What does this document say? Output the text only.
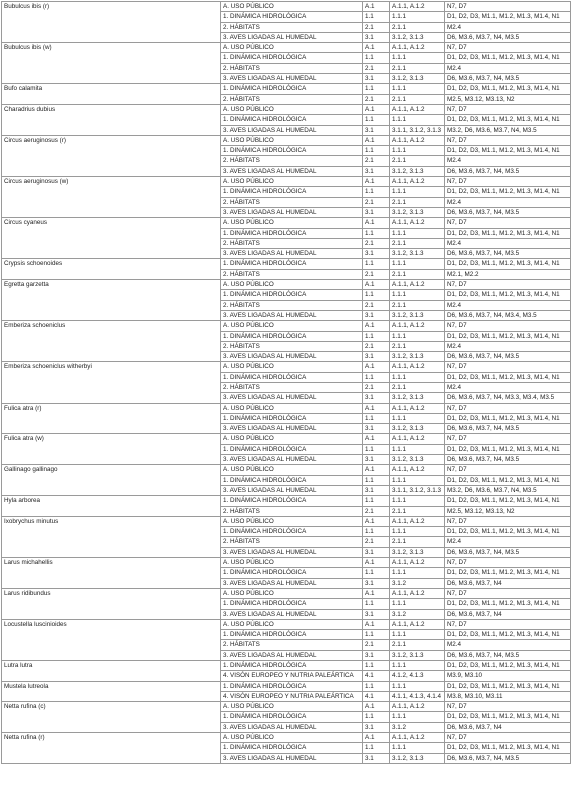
Bubulcus ibis (r)	A. USO PÚBLICO	A.1	A.1.1, A.1.2	N7, D7
	1. DINÁMICA HIDROLÓGICA	1.1	1.1.1	D1, D2, D3, M1.1, M1.2, M1.3, M1.4, N1
	2. HÁBITATS	2.1	2.1.1	M2.4
	3. AVES LIGADAS AL HUMEDAL	3.1	3.1.2, 3.1.3	D6, M3.6, M3.7, N4, M3.5
Bubulcus ibis (w)	A. USO PÚBLICO	A.1	A.1.1, A.1.2	N7, D7
	1. DINÁMICA HIDROLÓGICA	1.1	1.1.1	D1, D2, D3, M1.1, M1.2, M1.3, M1.4, N1
	2. HÁBITATS	2.1	2.1.1	M2.4
	3. AVES LIGADAS AL HUMEDAL	3.1	3.1.2, 3.1.3	D6, M3.6, M3.7, N4, M3.5
Bufo calamita	1. DINÁMICA HIDROLÓGICA	1.1	1.1.1	D1, D2, D3, M1.1, M1.2, M1.3, M1.4, N1
	2. HÁBITATS	2.1	2.1.1	M2.5, M3.12, M3.13, N2
Charadrius dubius	A. USO PÚBLICO	A.1	A.1.1, A.1.2	N7, D7
	1. DINÁMICA HIDROLÓGICA	1.1	1.1.1	D1, D2, D3, M1.1, M1.2, M1.3, M1.4, N1
	3. AVES LIGADAS AL HUMEDAL	3.1	3.1.1, 3.1.2, 3.1.3	M3.2, D6, M3.6, M3.7, N4, M3.5
Circus aeruginosus (r)	A. USO PÚBLICO	A.1	A.1.1, A.1.2	N7, D7
	1. DINÁMICA HIDROLÓGICA	1.1	1.1.1	D1, D2, D3, M1.1, M1.2, M1.3, M1.4, N1
	2. HÁBITATS	2.1	2.1.1	M2.4
	3. AVES LIGADAS AL HUMEDAL	3.1	3.1.2, 3.1.3	D6, M3.6, M3.7, N4, M3.5
Circus aeruginosus (w)	A. USO PÚBLICO	A.1	A.1.1, A.1.2	N7, D7
	1. DINÁMICA HIDROLÓGICA	1.1	1.1.1	D1, D2, D3, M1.1, M1.2, M1.3, M1.4, N1
	2. HÁBITATS	2.1	2.1.1	M2.4
	3. AVES LIGADAS AL HUMEDAL	3.1	3.1.2, 3.1.3	D6, M3.6, M3.7, N4, M3.5
Circus cyaneus	A. USO PÚBLICO	A.1	A.1.1, A.1.2	N7, D7
	1. DINÁMICA HIDROLÓGICA	1.1	1.1.1	D1, D2, D3, M1.1, M1.2, M1.3, M1.4, N1
	2. HÁBITATS	2.1	2.1.1	M2.4
	3. AVES LIGADAS AL HUMEDAL	3.1	3.1.2, 3.1.3	D6, M3.6, M3.7, N4, M3.5
Crypsis schoenoides	1. DINÁMICA HIDROLÓGICA	1.1	1.1.1	D1, D2, D3, M1.1, M1.2, M1.3, M1.4, N1
	2. HÁBITATS	2.1	2.1.1	M2.1, M2.2
Egretta garzetta	A. USO PÚBLICO	A.1	A.1.1, A.1.2	N7, D7
	1. DINÁMICA HIDROLÓGICA	1.1	1.1.1	D1, D2, D3, M1.1, M1.2, M1.3, M1.4, N1
	2. HÁBITATS	2.1	2.1.1	M2.4
	3. AVES LIGADAS AL HUMEDAL	3.1	3.1.2, 3.1.3	D6, M3.6, M3.7, N4, M3.4, M3.5
Emberiza schoeniclus	A. USO PÚBLICO	A.1	A.1.1, A.1.2	N7, D7
	1. DINÁMICA HIDROLÓGICA	1.1	1.1.1	D1, D2, D3, M1.1, M1.2, M1.3, M1.4, N1
	2. HÁBITATS	2.1	2.1.1	M2.4
	3. AVES LIGADAS AL HUMEDAL	3.1	3.1.2, 3.1.3	D6, M3.6, M3.7, N4, M3.5
Emberiza schoeniclus witherbyi	A. USO PÚBLICO	A.1	A.1.1, A.1.2	N7, D7
	1. DINÁMICA HIDROLÓGICA	1.1	1.1.1	D1, D2, D3, M1.1, M1.2, M1.3, M1.4, N1
	2. HÁBITATS	2.1	2.1.1	M2.4
	3. AVES LIGADAS AL HUMEDAL	3.1	3.1.2, 3.1.3	D6, M3.6, M3.7, N4, M3.3, M3.4, M3.5
Fulica atra (r)	A. USO PÚBLICO	A.1	A.1.1, A.1.2	N7, D7
	1. DINÁMICA HIDROLÓGICA	1.1	1.1.1	D1, D2, D3, M1.1, M1.2, M1.3, M1.4, N1
	3. AVES LIGADAS AL HUMEDAL	3.1	3.1.2, 3.1.3	D6, M3.6, M3.7, N4, M3.5
Fulica atra (w)	A. USO PÚBLICO	A.1	A.1.1, A.1.2	N7, D7
	1. DINÁMICA HIDROLÓGICA	1.1	1.1.1	D1, D2, D3, M1.1, M1.2, M1.3, M1.4, N1
	3. AVES LIGADAS AL HUMEDAL	3.1	3.1.2, 3.1.3	D6, M3.6, M3.7, N4, M3.5
Gallinago gallinago	A. USO PÚBLICO	A.1	A.1.1, A.1.2	N7, D7
	1. DINÁMICA HIDROLÓGICA	1.1	1.1.1	D1, D2, D3, M1.1, M1.2, M1.3, M1.4, N1
	3. AVES LIGADAS AL HUMEDAL	3.1	3.1.1, 3.1.2, 3.1.3	M3.2, D6, M3.6, M3.7, N4, M3.5
Hyla arborea	1. DINÁMICA HIDROLÓGICA	1.1	1.1.1	D1, D2, D3, M1.1, M1.2, M1.3, M1.4, N1
	2. HÁBITATS	2.1	2.1.1	M2.5, M3.12, M3.13, N2
Ixobrychus minutus	A. USO PÚBLICO	A.1	A.1.1, A.1.2	N7, D7
	1. DINÁMICA HIDROLÓGICA	1.1	1.1.1	D1, D2, D3, M1.1, M1.2, M1.3, M1.4, N1
	2. HÁBITATS	2.1	2.1.1	M2.4
	3. AVES LIGADAS AL HUMEDAL	3.1	3.1.2, 3.1.3	D6, M3.6, M3.7, N4, M3.5
Larus michahellis	A. USO PÚBLICO	A.1	A.1.1, A.1.2	N7, D7
	1. DINÁMICA HIDROLÓGICA	1.1	1.1.1	D1, D2, D3, M1.1, M1.2, M1.3, M1.4, N1
	3. AVES LIGADAS AL HUMEDAL	3.1	3.1.2	D6, M3.6, M3.7, N4
Larus ridibundus	A. USO PÚBLICO	A.1	A.1.1, A.1.2	N7, D7
	1. DINÁMICA HIDROLÓGICA	1.1	1.1.1	D1, D2, D3, M1.1, M1.2, M1.3, M1.4, N1
	3. AVES LIGADAS AL HUMEDAL	3.1	3.1.2	D6, M3.6, M3.7, N4
Locustella luscinioides	A. USO PÚBLICO	A.1	A.1.1, A.1.2	N7, D7
	1. DINÁMICA HIDROLÓGICA	1.1	1.1.1	D1, D2, D3, M1.1, M1.2, M1.3, M1.4, N1
	2. HÁBITATS	2.1	2.1.1	M2.4
	3. AVES LIGADAS AL HUMEDAL	3.1	3.1.2, 3.1.3	D6, M3.6, M3.7, N4, M3.5
Lutra lutra	1. DINÁMICA HIDROLÓGICA	1.1	1.1.1	D1, D2, D3, M1.1, M1.2, M1.3, M1.4, N1
	4. VISÓN EUROPEO Y NUTRIA PALEÁRTICA	4.1	4.1.2, 4.1.3	M3.9, M3.10
Mustela lutreola	1. DINÁMICA HIDROLÓGICA	1.1	1.1.1	D1, D2, D3, M1.1, M1.2, M1.3, M1.4, N1
	4. VISÓN EUROPEO Y NUTRIA PALEÁRTICA	4.1	4.1.1, 4.1.3, 4.1.4	M3.8, M3.10, M3.11
Netta rufina (c)	A. USO PÚBLICO	A.1	A.1.1, A.1.2	N7, D7
	1. DINÁMICA HIDROLÓGICA	1.1	1.1.1	D1, D2, D3, M1.1, M1.2, M1.3, M1.4, N1
	3. AVES LIGADAS AL HUMEDAL	3.1	3.1.2	D6, M3.6, M3.7, N4
Netta rufina (r)	A. USO PÚBLICO	A.1	A.1.1, A.1.2	N7, D7
	1. DINÁMICA HIDROLÓGICA	1.1	1.1.1	D1, D2, D3, M1.1, M1.2, M1.3, M1.4, N1
	3. AVES LIGADAS AL HUMEDAL	3.1	3.1.2, 3.1.3	D6, M3.6, M3.7, N4, M3.5
